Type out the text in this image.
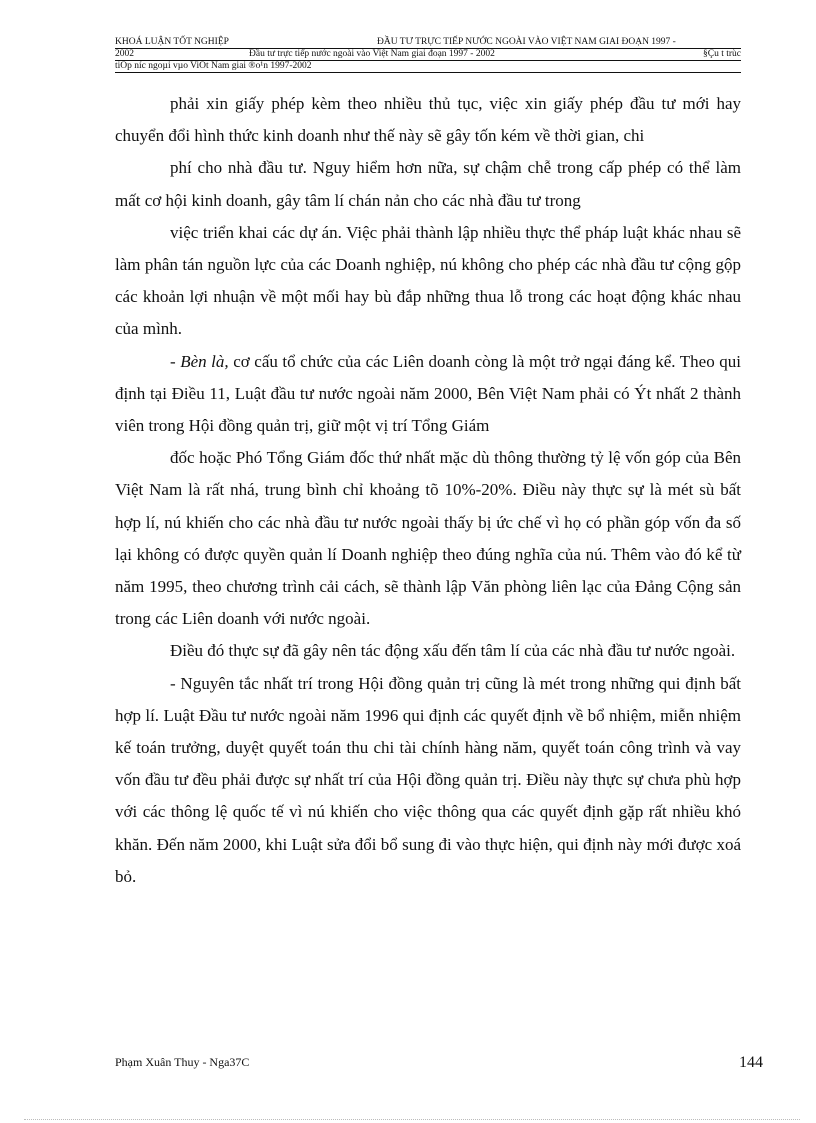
KHOÁ LUẬN TỐT NGHIỆP	ĐẦU TƯ TRỰC TIẾP NƯỚC NGOÀI VÀO VIỆT NAM GIAI ĐOẠN 1997 -
2002	Đầu tư trực tiếp nước ngoài vào Việt Nam giai đoạn 1997 - 2002	§Çu t trùc
tiÕp níc ngoµi vµo ViÖt Nam giai ®o¹n 1997-2002

phải xin giấy phép kèm theo nhiều thủ tục, việc xin giấy phép đầu tư mới hay chuyển đổi hình thức kinh doanh như thế này sẽ gây tốn kém về thời gian, chi

phí cho nhà đầu tư. Nguy hiểm hơn nữa, sự chậm chễ trong cấp phép có thể làm mất cơ hội kinh doanh, gây tâm lí chán nản cho các nhà đầu tư trong

việc triển khai các dự án. Việc phải thành lập nhiều thực thể pháp luật khác nhau sẽ làm phân tán nguồn lực của các Doanh nghiệp, nú không cho phép các nhà đầu tư cộng gộp các khoản lợi nhuận về một mối hay bù đắp những thua lỗ trong các hoạt động khác nhau của mình.

- Bèn là, cơ cấu tổ chức của các Liên doanh còng là một trở ngại đáng kể. Theo qui định tại Điều 11, Luật đầu tư nước ngoài năm 2000, Bên Việt Nam phải có Ýt nhất 2 thành viên trong Hội đồng quản trị, giữ một vị trí Tổng Giám

đốc hoặc Phó Tổng Giám đốc thứ nhất mặc dù thông thường tỷ lệ vốn góp của Bên Việt Nam là rất nhá, trung bình chỉ khoảng tõ 10%-20%. Điều này thực sự là mét sù bất hợp lí, nú khiến cho các nhà đầu tư nước ngoài thấy bị ức chế vì họ có phần góp vốn đa số lại không có được quyền quản lí Doanh nghiệp theo đúng nghĩa của nú. Thêm vào đó kể từ năm 1995, theo chương trình cải cách, sẽ thành lập Văn phòng liên lạc của Đảng Cộng sản trong các Liên doanh với nước ngoài.

Điều đó thực sự đã gây nên tác động xấu đến tâm lí của các nhà đầu tư nước ngoài.

- Nguyên tắc nhất trí trong Hội đồng quản trị cũng là mét trong những qui định bất hợp lí. Luật Đầu tư nước ngoài năm 1996 qui định các quyết định về bổ nhiệm, miễn nhiệm kế toán trưởng, duyệt quyết toán thu chi tài chính hàng năm, quyết toán công trình và vay vốn đầu tư đều phải được sự nhất trí của Hội đồng quản trị. Điều này thực sự chưa phù hợp với các thông lệ quốc tế vì nú khiến cho việc thông qua các quyết định gặp rất nhiều khó khăn. Đến năm 2000, khi Luật sửa đổi bổ sung đi vào thực hiện, qui định này mới được xoá bỏ.

Phạm Xuân Thuy - Nga37C	144
